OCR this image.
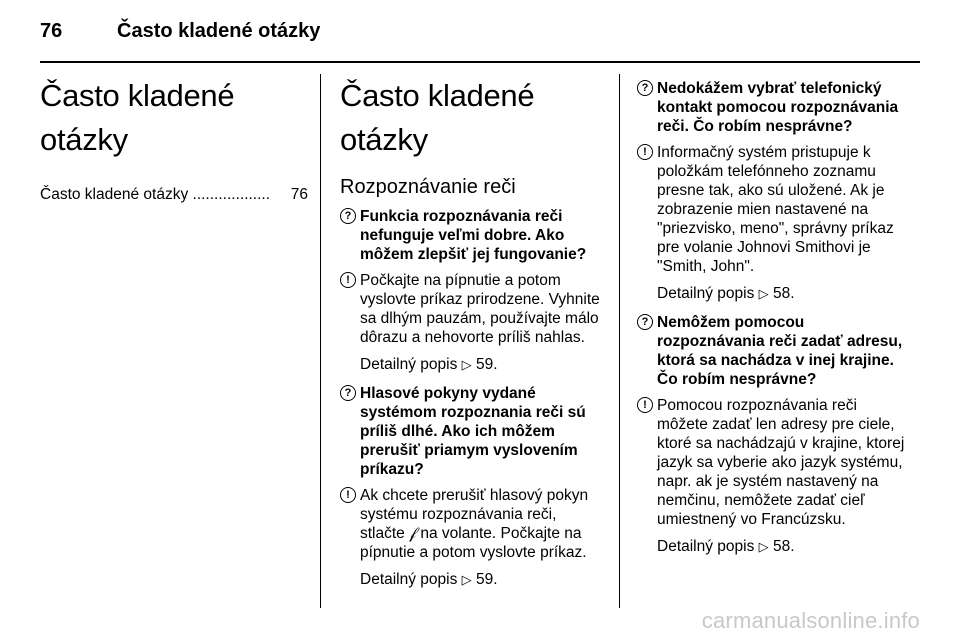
76	Často kladené otázky
Často kladené otázky
Často kladené otázky ..................	76
Často kladené otázky
Rozpoznávanie reči
? Funkcia rozpoznávania reči nefunguje veľmi dobre. Ako môžem zlepšiť jej fungovanie?

! Počkajte na pípnutie a potom vyslovte príkaz prirodzene. Vyhnite sa dlhým pauzám, používajte málo dôrazu a nehovorte príliš nahlas.

Detailný popis ▷ 59.

? Hlasové pokyny vydané systémom rozpoznania reči sú príliš dlhé. Ako ich môžem prerušiť priamym vyslovením príkazu?

! Ak chcete prerušiť hlasový pokyn systému rozpoznávania reči, stlačte 𝒻 na volante. Počkajte na pípnutie a potom vyslovte príkaz.

Detailný popis ▷ 59.

? Nedokážem vybrať telefonický kontakt pomocou rozpoznávania reči. Čo robím nesprávne?

! Informačný systém pristupuje k položkám telefónneho zoznamu presne tak, ako sú uložené. Ak je zobrazenie mien nastavené na "priezvisko, meno", správny príkaz pre volanie Johnovi Smithovi je "Smith, John".

Detailný popis ▷ 58.

? Nemôžem pomocou rozpoznávania reči zadať adresu, ktorá sa nachádza v inej krajine. Čo robím nesprávne?

! Pomocou rozpoznávania reči môžete zadať len adresy pre ciele, ktoré sa nachádzajú v krajine, ktorej jazyk sa vyberie ako jazyk systému, napr. ak je systém nastavený na nemčinu, nemôžete zadať cieľ umiestnený vo Francúzsku.

Detailný popis ▷ 58.

carmanualsonline.info
